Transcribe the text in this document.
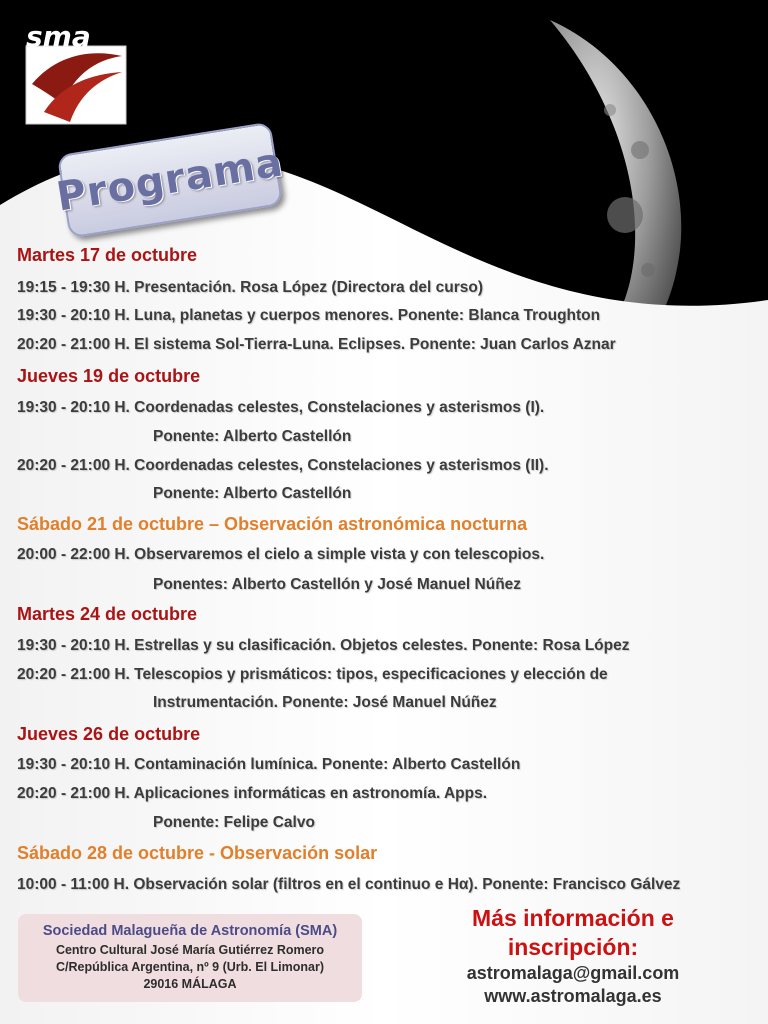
sma
Programa
Martes 17 de octubre
19:15 - 19:30 H. Presentación. Rosa López (Directora del curso)
19:30 - 20:10 H. Luna, planetas y cuerpos menores. Ponente: Blanca Troughton
20:20 - 21:00 H. El sistema Sol-Tierra-Luna. Eclipses. Ponente: Juan Carlos Aznar
Jueves 19 de octubre
19:30 - 20:10 H. Coordenadas celestes, Constelaciones y asterismos (I).
Ponente: Alberto Castellón
20:20 - 21:00 H. Coordenadas celestes, Constelaciones y asterismos (II).
Ponente: Alberto Castellón
Sábado 21 de octubre – Observación astronómica nocturna
20:00 - 22:00 H. Observaremos el cielo a simple vista y con telescopios.
Ponentes: Alberto Castellón y José Manuel Núñez
Martes 24 de octubre
19:30 - 20:10 H. Estrellas y su clasificación. Objetos celestes. Ponente: Rosa López
20:20 - 21:00 H. Telescopios y prismáticos: tipos, especificaciones y elección de
Instrumentación. Ponente: José Manuel Núñez
Jueves 26 de octubre
19:30 - 20:10 H. Contaminación lumínica. Ponente: Alberto Castellón
20:20 - 21:00 H. Aplicaciones informáticas en astronomía. Apps.
Ponente: Felipe Calvo
Sábado 28 de octubre - Observación solar
10:00 - 11:00 H. Observación solar (filtros en el continuo e Hα). Ponente: Francisco Gálvez
Sociedad Malagueña de Astronomía (SMA)
Centro Cultural José María Gutiérrez Romero
C/República Argentina, nº 9 (Urb. El Limonar)
29016 MÁLAGA
Más información e
inscripción:
astromalaga@gmail.com
www.astromalaga.es
